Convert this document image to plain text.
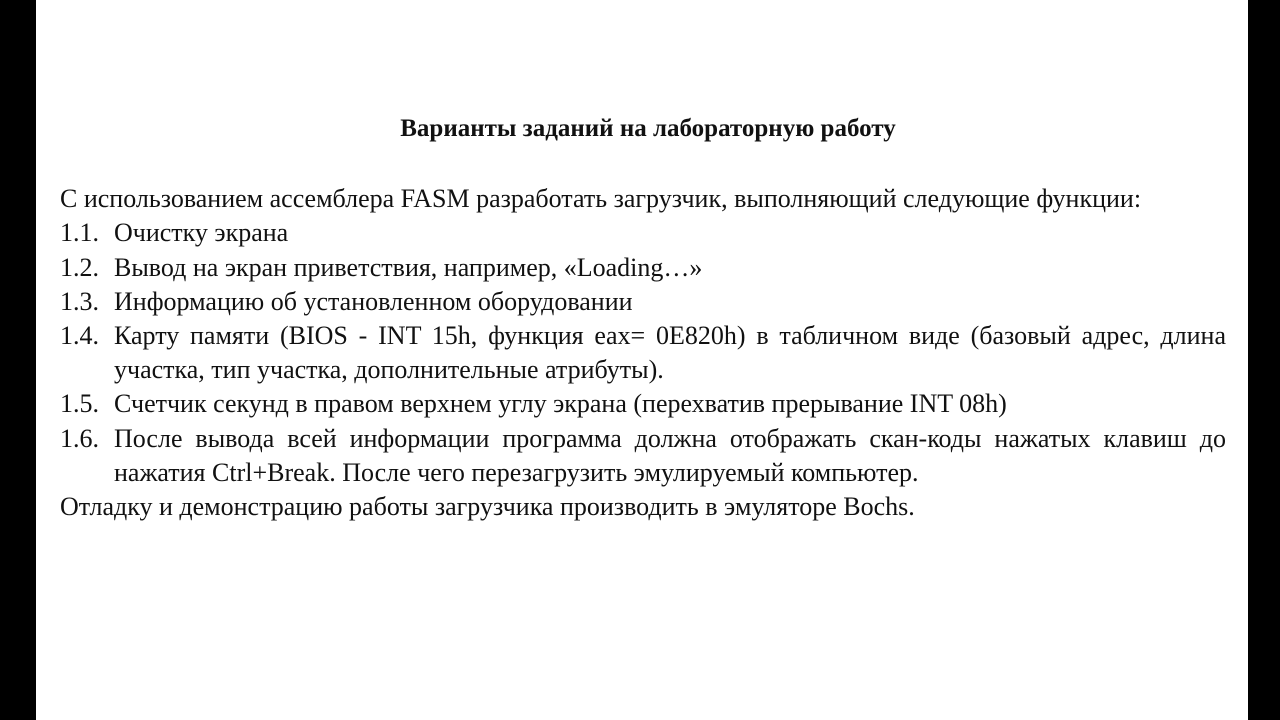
Варианты заданий на лабораторную работу

С использованием ассемблера FASM разработать загрузчик, выполняющий следующие функции:

1.1. Очистку экрана
1.2. Вывод на экран приветствия, например, «Loading…»
1.3. Информацию об установленном оборудовании
1.4. Карту памяти (BIOS - INT 15h, функция eax= 0E820h) в табличном виде (базовый адрес, длина участка, тип участка, дополнительные атрибуты).
1.5. Счетчик секунд в правом верхнем углу экрана (перехватив прерывание INT 08h)
1.6. После вывода всей информации программа должна отображать скан-коды нажатых клавиш до нажатия Ctrl+Break. После чего перезагрузить эмулируемый компьютер.

Отладку и демонстрацию работы загрузчика производить в эмуляторе Bochs.
